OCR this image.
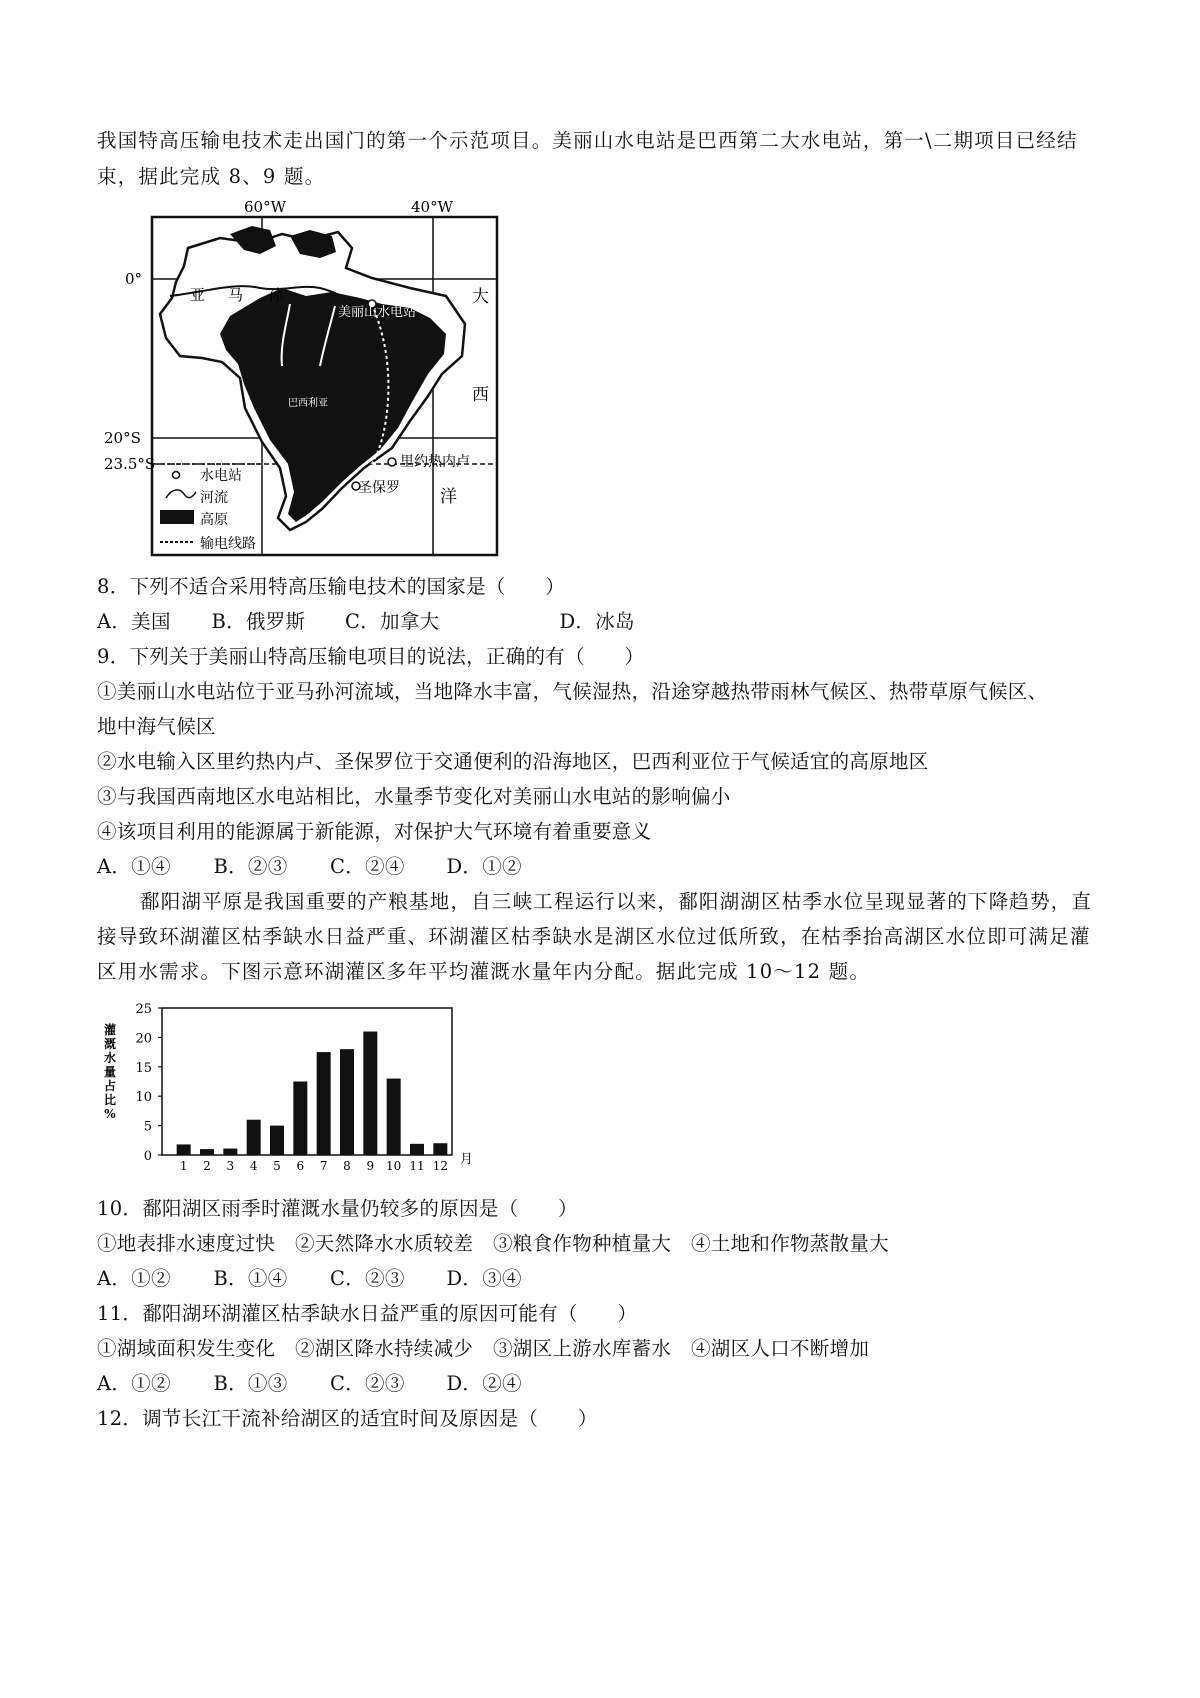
我国特高压输电技术走出国门的第一个示范项目。美丽山水电站是巴西第二大水电站，第一\二期项目已经结
束，据此完成 8、9 题。
60°W	40°W
0°
20°S
23.5°S
亚 马 孙
美丽山水电站
巴西利亚
里约热内卢
圣保罗
大
西
洋
水电站
河流
高原
输电线路
8．下列不适合采用特高压输电技术的国家是（　　）
A．美国 B．俄罗斯 C．加拿大	D．冰岛
9．下列关于美丽山特高压输电项目的说法，正确的有（　　）
①美丽山水电站位于亚马孙河流域，当地降水丰富，气候湿热，沿途穿越热带雨林气候区、热带草原气候区、
地中海气候区
②水电输入区里约热内卢、圣保罗位于交通便利的沿海地区，巴西利亚位于气候适宜的高原地区
③与我国西南地区水电站相比，水量季节变化对美丽山水电站的影响偏小
④该项目利用的能源属于新能源，对保护大气环境有着重要意义
A．①④ B．②③ C．②④ D．①②
鄱阳湖平原是我国重要的产粮基地，自三峡工程运行以来，鄱阳湖湖区枯季水位呈现显著的下降趋势，直
接导致环湖灌区枯季缺水日益严重、环湖灌区枯季缺水是湖区水位过低所致，在枯季抬高湖区水位即可满足灌
区用水需求。下图示意环湖灌区多年平均灌溉水量年内分配。据此完成 10～12 题。
灌
溉
水
量
占
比
%
1 2 3 4 5 6 7 8 9 10 11 12 月
0
5
10
15
20
25
10．鄱阳湖区雨季时灌溉水量仍较多的原因是（　　）
①地表排水速度过快　②天然降水水质较差　③粮食作物种植量大　④土地和作物蒸散量大
A．①② B．①④ C．②③ D．③④
11．鄱阳湖环湖灌区枯季缺水日益严重的原因可能有（　　）
①湖域面积发生变化　②湖区降水持续减少　③湖区上游水库蓄水　④湖区人口不断增加
A．①② B．①③ C．②③ D．②④
12．调节长江干流补给湖区的适宜时间及原因是（　　）
